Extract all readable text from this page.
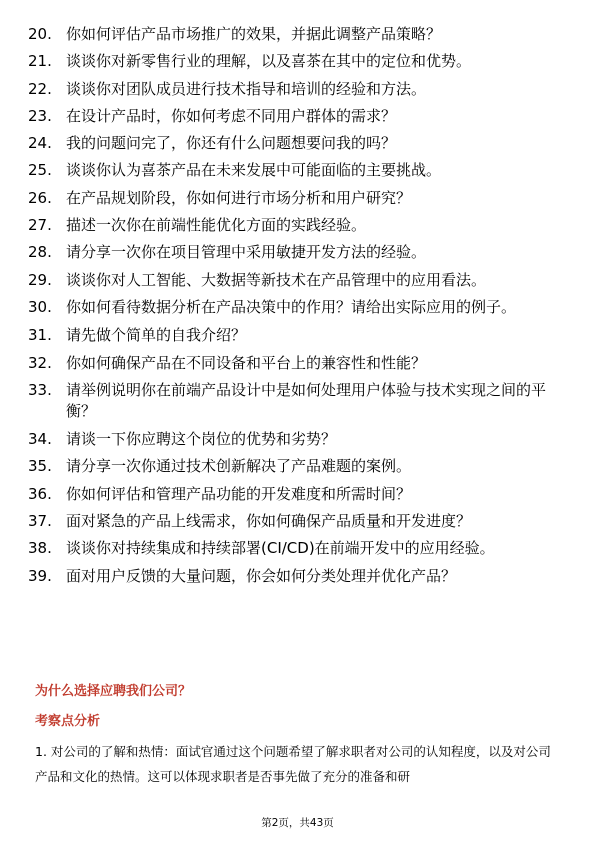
20. 你如何评估产品市场推广的效果，并据此调整产品策略？
21. 谈谈你对新零售行业的理解，以及喜茶在其中的定位和优势。
22. 谈谈你对团队成员进行技术指导和培训的经验和方法。
23. 在设计产品时，你如何考虑不同用户群体的需求？
24. 我的问题问完了，你还有什么问题想要问我的吗？
25. 谈谈你认为喜茶产品在未来发展中可能面临的主要挑战。
26. 在产品规划阶段，你如何进行市场分析和用户研究？
27. 描述一次你在前端性能优化方面的实践经验。
28. 请分享一次你在项目管理中采用敏捷开发方法的经验。
29. 谈谈你对人工智能、大数据等新技术在产品管理中的应用看法。
30. 你如何看待数据分析在产品决策中的作用？请给出实际应用的例子。
31. 请先做个简单的自我介绍？
32. 你如何确保产品在不同设备和平台上的兼容性和性能？
33. 请举例说明你在前端产品设计中是如何处理用户体验与技术实现之间的平衡？
34. 请谈一下你应聘这个岗位的优势和劣势？
35. 请分享一次你通过技术创新解决了产品难题的案例。
36. 你如何评估和管理产品功能的开发难度和所需时间？
37. 面对紧急的产品上线需求，你如何确保产品质量和开发进度？
38. 谈谈你对持续集成和持续部署(CI/CD)在前端开发中的应用经验。
39. 面对用户反馈的大量问题，你会如何分类处理并优化产品？
为什么选择应聘我们公司？
考察点分析

1. 对公司的了解和热情：面试官通过这个问题希望了解求职者对公司的认知程度，以及对公司产品和文化的热情。这可以体现求职者是否事先做了充分的准备和研

第2页，共43页
